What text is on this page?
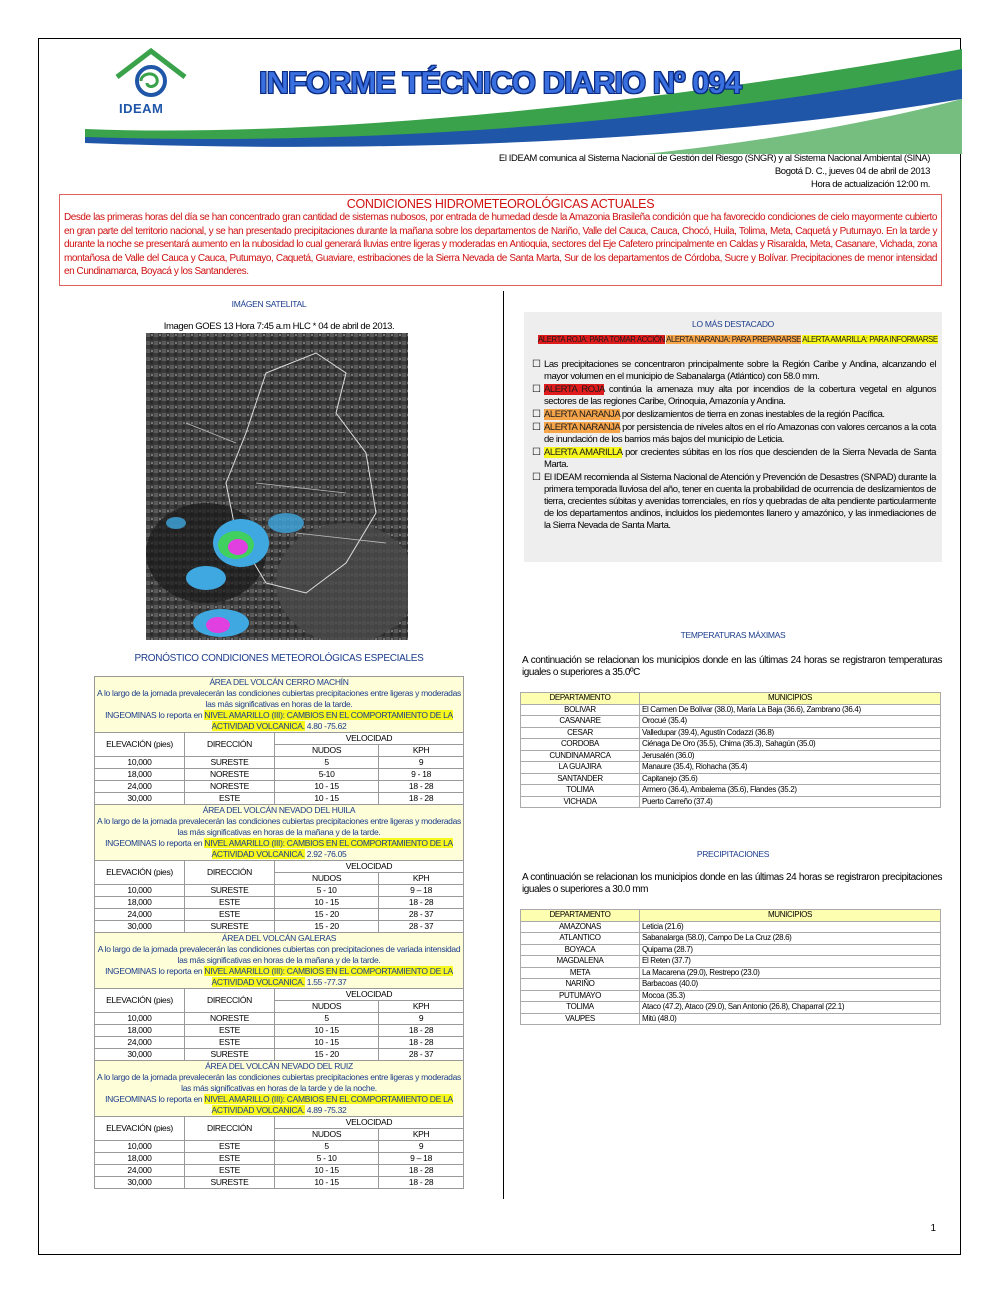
IDEAM
INFORME TÉCNICO DIARIO Nº 094
El IDEAM comunica al Sistema Nacional de Gestión del Riesgo (SNGR) y al Sistema Nacional Ambiental (SINA)
Bogotá D. C., jueves 04 de abril de 2013
Hora de actualización 12:00 m.
CONDICIONES HIDROMETEOROLÓGICAS ACTUALES
Desde las primeras horas del día se han concentrado gran cantidad de sistemas nubosos, por entrada de humedad desde la Amazonia Brasileña condición que ha favorecido condiciones de cielo mayormente cubierto en gran parte del territorio nacional, y se han presentado precipitaciones durante la mañana sobre los departamentos de Nariño, Valle del Cauca, Cauca, Chocó, Huila, Tolima, Meta, Caquetá y Putumayo. En la tarde y durante la noche se presentará aumento en la nubosidad lo cual generará lluvias entre ligeras y moderadas en Antioquia, sectores del Eje Cafetero principalmente en Caldas y Risaralda, Meta, Casanare, Vichada, zona montañosa de Valle del Cauca y Cauca, Putumayo, Caquetá, Guaviare, estribaciones de la Sierra Nevada de Santa Marta, Sur de los departamentos de Córdoba, Sucre y Bolívar. Precipitaciones de menor intensidad en Cundinamarca, Boyacá y los Santanderes.
IMÁGEN SATELITAL
Imagen GOES 13 Hora 7:45 a.m HLC * 04 de abril de 2013.
PRONÓSTICO CONDICIONES METEOROLÓGICAS ESPECIALES
ÁREA DEL VOLCÁN CERRO MACHÍN
A lo largo de la jornada prevalecerán las condiciones cubiertas precipitaciones entre ligeras y moderadas las más significativas en horas de la tarde.
INGEOMINAS lo reporta en NIVEL AMARILLO (III): CAMBIOS EN EL COMPORTAMIENTO DE LA ACTIVIDAD VOLCANICA. 4.80 -75.62			

ELEVACIÓN (pies)	DIRECCIÓN	VELOCIDAD	
		NUDOS	KPH
10,000	SURESTE	5	9
18,000	NORESTE	5-10	9 - 18
24,000	NORESTE	10 - 15	18 - 28
30,000	ESTE	10 - 15	18 - 28

ÁREA DEL VOLCÁN NEVADO DEL HUILA
A lo largo de la jornada prevalecerán las condiciones cubiertas precipitaciones entre ligeras y moderadas las más significativas en horas de la mañana y de la tarde.
INGEOMINAS lo reporta en NIVEL AMARILLO (III): CAMBIOS EN EL COMPORTAMIENTO DE LA ACTIVIDAD VOLCANICA. 2.92 -76.05			

ELEVACIÓN (pies)	DIRECCIÓN	VELOCIDAD	
		NUDOS	KPH
10,000	SURESTE	5 - 10	9 – 18
18,000	ESTE	10 - 15	18 - 28
24,000	ESTE	15 - 20	28 - 37
30,000	SURESTE	15 - 20	28 - 37

ÁREA DEL VOLCÁN GALERAS
A lo largo de la jornada prevalecerán las condiciones cubiertas con precipitaciones de variada intensidad las más significativas en horas de la mañana y de la tarde.
INGEOMINAS lo reporta en NIVEL AMARILLO (III): CAMBIOS EN EL COMPORTAMIENTO DE LA ACTIVIDAD VOLCANICA. 1.55 -77.37			

ELEVACIÓN (pies)	DIRECCIÓN	VELOCIDAD	
		NUDOS	KPH
10,000	NORESTE	5	9
18,000	ESTE	10 - 15	18 - 28
24,000	ESTE	10 - 15	18 - 28
30,000	SURESTE	15 - 20	28 - 37

ÁREA DEL VOLCÁN NEVADO DEL RUIZ
A lo largo de la jornada prevalecerán las condiciones cubiertas precipitaciones entre ligeras y moderadas las más significativas en horas de la tarde y de la noche.
INGEOMINAS lo reporta en NIVEL AMARILLO (III): CAMBIOS EN EL COMPORTAMIENTO DE LA ACTIVIDAD VOLCANICA. 4.89 -75.32			

ELEVACIÓN (pies)	DIRECCIÓN	VELOCIDAD	
		NUDOS	KPH
10,000	ESTE	5	9
18,000	ESTE	5 - 10	9 – 18
24,000	ESTE	10 - 15	18 - 28
30,000	SURESTE	10 - 15	18 - 28
LO MÁS DESTACADO
ALERTA ROJA: PARA TOMAR ACCIÓN ALERTA NARANJA: PARA PREPARARSE ALERTA AMARILLA: PARA INFORMARSE
☐ Las precipitaciones se concentraron principalmente sobre la Región Caribe y Andina, alcanzando el mayor volumen en el municipio de Sabanalarga (Atlántico) con 58.0 mm.
☐ ALERTA ROJA continúa la amenaza muy alta por incendios de la cobertura vegetal en algunos sectores de las regiones Caribe, Orinoquia, Amazonía y Andina.
☐ ALERTA NARANJA por deslizamientos de tierra en zonas inestables de la región Pacífica.
☐ ALERTA NARANJA por persistencia de niveles altos en el río Amazonas con valores cercanos a la cota de inundación de los barrios más bajos del municipio de Leticia.
☐ ALERTA AMARILLA por crecientes súbitas en los ríos que descienden de la Sierra Nevada de Santa Marta.
☐ El IDEAM recomienda al Sistema Nacional de Atención y Prevención de Desastres (SNPAD) durante la primera temporada lluviosa del año, tener en cuenta la probabilidad de ocurrencia de deslizamientos de tierra, crecientes súbitas y avenidas torrenciales, en ríos y quebradas de alta pendiente particularmente de los departamentos andinos, incluidos los piedemontes llanero y amazónico, y las inmediaciones de la Sierra Nevada de Santa Marta.
TEMPERATURAS MÁXIMAS
A continuación se relacionan los municipios donde en las últimas 24 horas se registraron temperaturas iguales o superiores a 35.0ºC
DEPARTAMENTO	MUNICIPIOS
BOLIVAR	El Carmen De Bolívar (38.0), María La Baja (36.6), Zambrano (36.4)
CASANARE	Orocué (35.4)
CESAR	Valledupar (39.4), Agustín Codazzi (36.8)
CORDOBA	Ciénaga De Oro (35.5), Chima (35.3), Sahagún (35.0)
CUNDINAMARCA	Jerusalén (36.0)
LA GUAJIRA	Manaure (35.4), Riohacha (35.4)
SANTANDER	Capitanejo (35.6)
TOLIMA	Armero (36.4), Ambalema (35.6), Flandes (35.2)
VICHADA	Puerto Carreño (37.4)
PRECIPITACIONES
A continuación se relacionan los municipios donde en las últimas 24 horas se registraron precipitaciones iguales o superiores a 30.0 mm
DEPARTAMENTO	MUNICIPIOS
AMAZONAS	Leticia (21.6)
ATLANTICO	Sabanalarga (58.0), Campo De La Cruz (28.6)
BOYACA	Quipama (28.7)
MAGDALENA	El Reten (37.7)
META	La Macarena (29.0), Restrepo (23.0)
NARIÑO	Barbacoas (40.0)
PUTUMAYO	Mocoa (35.3)
TOLIMA	Ataco (47.2), Ataco (29.0), San Antonio (26.8), Chaparral (22.1)
VAUPES	Mitú (48.0)
1
